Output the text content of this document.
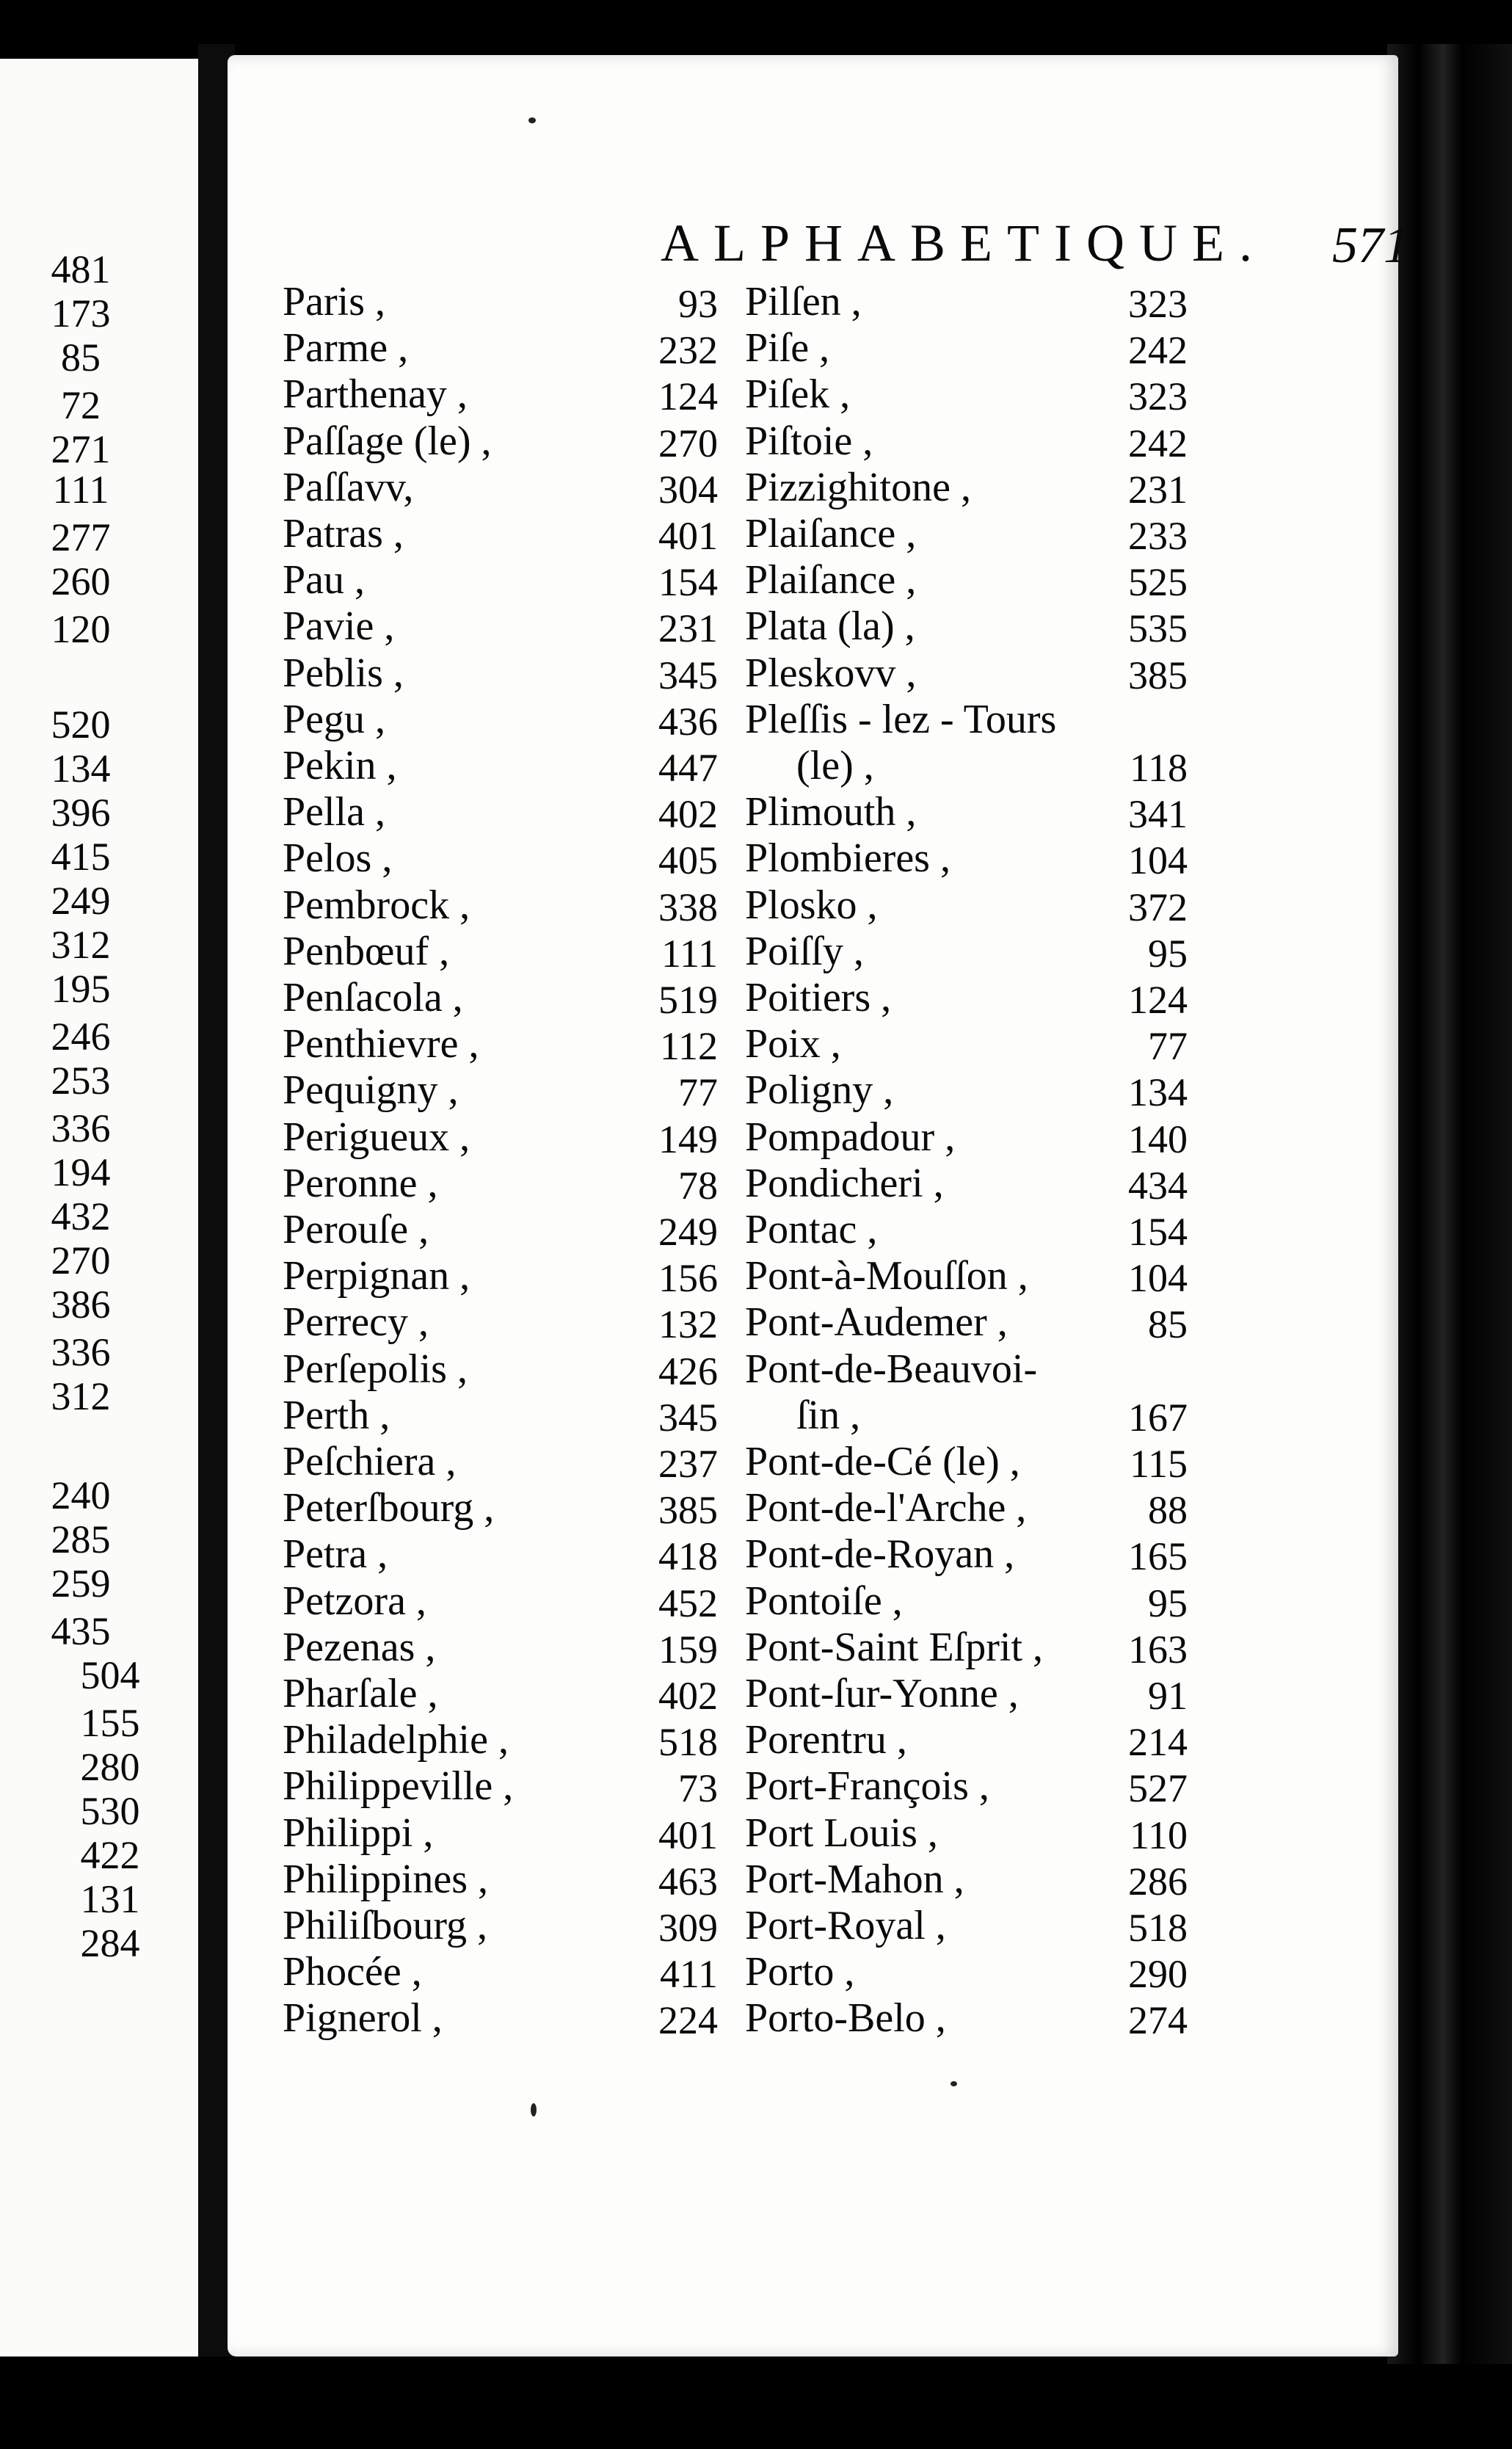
481
173
85
72
271
111
277
260
120
520
134
396
415
249
312
195
246
253
336
194
432
270
386
336
312
240
285
259
435
504
155
280
530
422
131
284
ALPHABETIQUE. 571
Paris ,	93
Parme ,	232
Parthenay ,	124
Paſſage (le) ,	270
Paſſavv,	304
Patras ,	401
Pau ,	154
Pavie ,	231
Peblis ,	345
Pegu ,	436
Pekin ,	447
Pella ,	402
Pelos ,	405
Pembrock ,	338
Penbœuf ,	111
Penſacola ,	519
Penthievre ,	112
Pequigny ,	77
Perigueux ,	149
Peronne ,	78
Perouſe ,	249
Perpignan ,	156
Perrecy ,	132
Perſepolis ,	426
Perth ,	345
Peſchiera ,	237
Peterſbourg ,	385
Petra ,	418
Petzora ,	452
Pezenas ,	159
Pharſale ,	402
Philadelphie ,	518
Philippeville ,	73
Philippi ,	401
Philippines ,	463
Philiſbourg ,	309
Phocée ,	411
Pignerol ,	224
Pilſen ,	323
Piſe ,	242
Piſek ,	323
Piſtoie ,	242
Pizzighitone ,	231
Plaiſance ,	233
Plaiſance ,	525
Plata (la) ,	535
Pleskovv ,	385
Pleſſis - lez - Tours
(le) ,	118
Plimouth ,	341
Plombieres ,	104
Plosko ,	372
Poiſſy ,	95
Poitiers ,	124
Poix ,	77
Poligny ,	134
Pompadour ,	140
Pondicheri ,	434
Pontac ,	154
Pont-à-Mouſſon ,	104
Pont-Audemer ,	85
Pont-de-Beauvoi-
ſin ,	167
Pont-de-Cé (le) ,	115
Pont-de-l'Arche ,	88
Pont-de-Royan ,	165
Pontoiſe ,	95
Pont-Saint Eſprit ,	163
Pont-ſur-Yonne ,	91
Porentru ,	214
Port-François ,	527
Port Louis ,	110
Port-Mahon ,	286
Port-Royal ,	518
Porto ,	290
Porto-Belo ,	274
